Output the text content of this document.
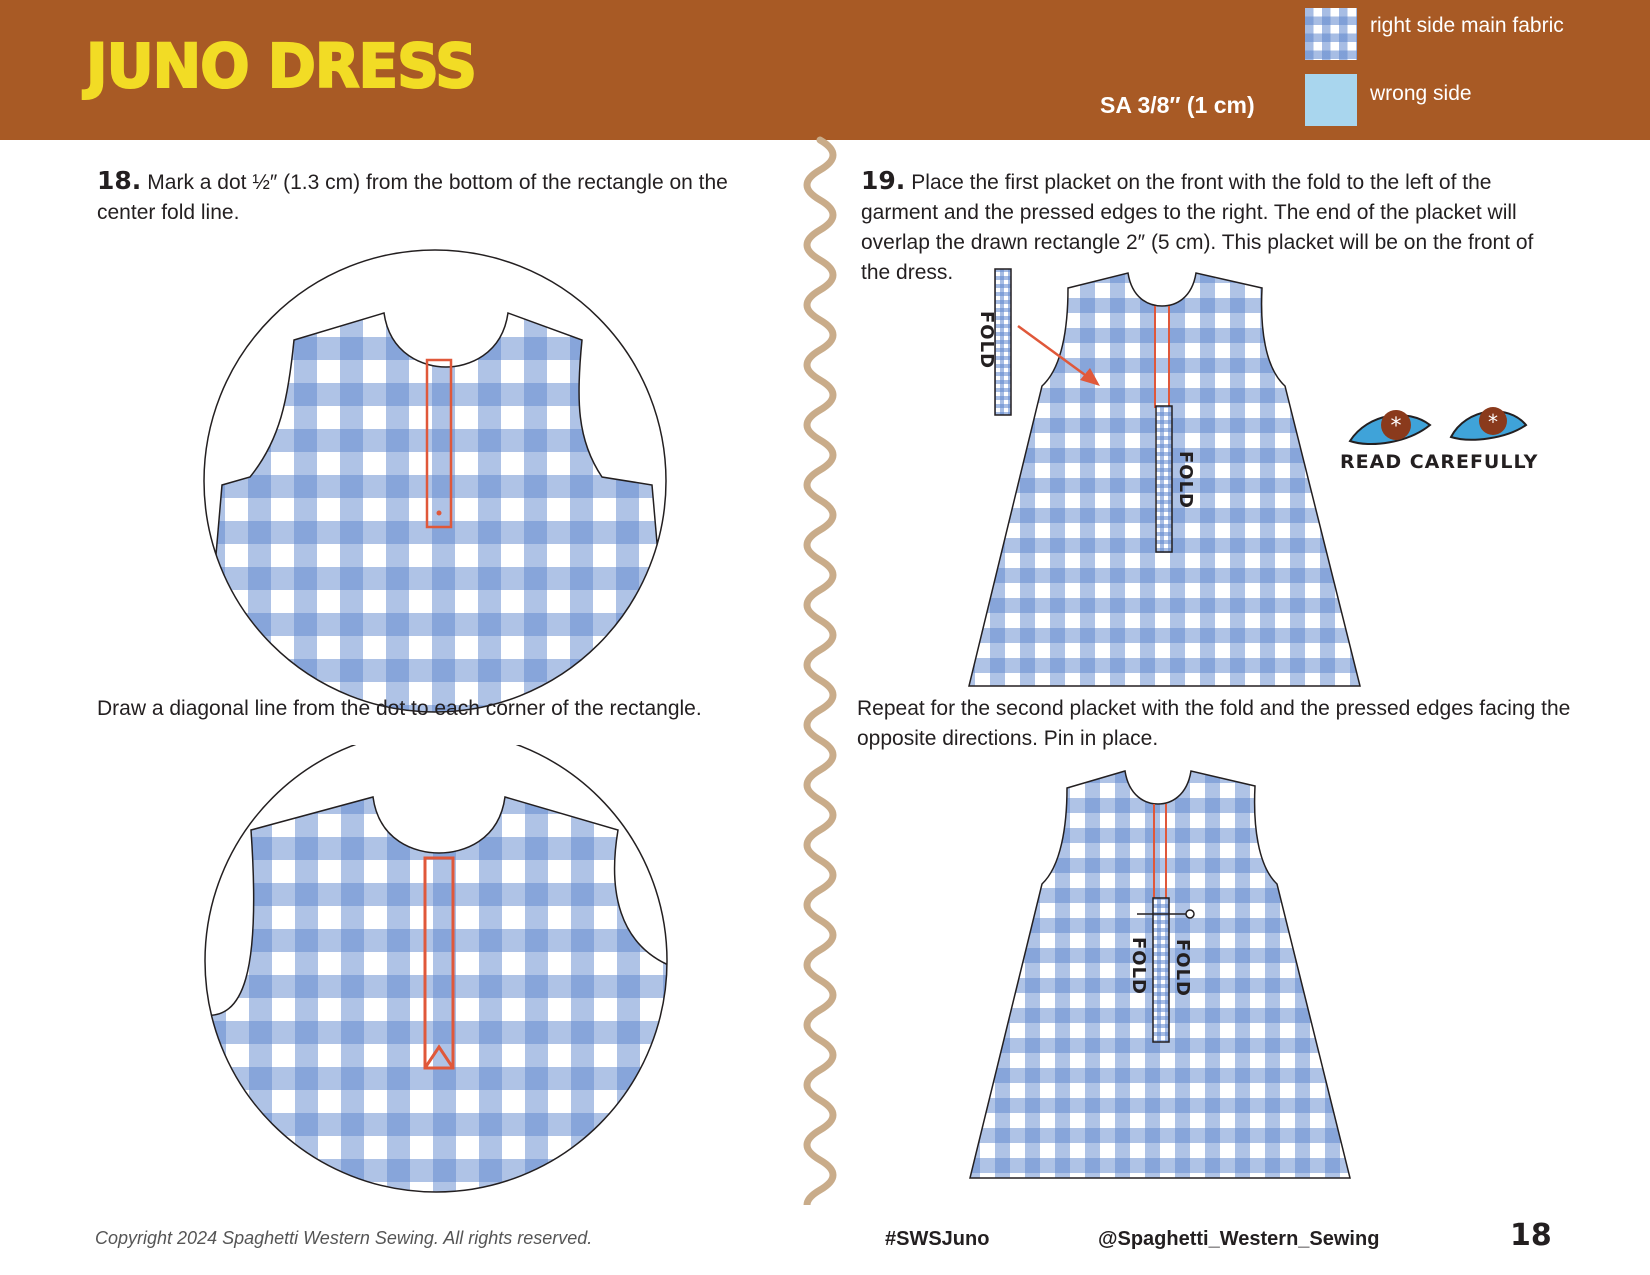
JUNO DRESS
SA 3/8″ (1 cm)
right side main fabric
wrong side
18. Mark a dot ½″ (1.3 cm) from the bottom of the rectangle on the center fold line.
Draw a diagonal line from the dot to each corner of the rectangle.
19. Place the first placket on the front with the fold to the left of the garment and the pressed edges to the right. The end of the placket will overlap the drawn rectangle 2″ (5 cm). This placket will be on the front of the dress.
FOLD
FOLD
*	*
READ CAREFULLY
Repeat for the second placket with the fold and the pressed edges facing the opposite directions. Pin in place.
FOLD FOLD
Copyright 2024 Spaghetti Western Sewing. All rights reserved.	#SWSJuno	@Spaghetti_Western_Sewing	18
